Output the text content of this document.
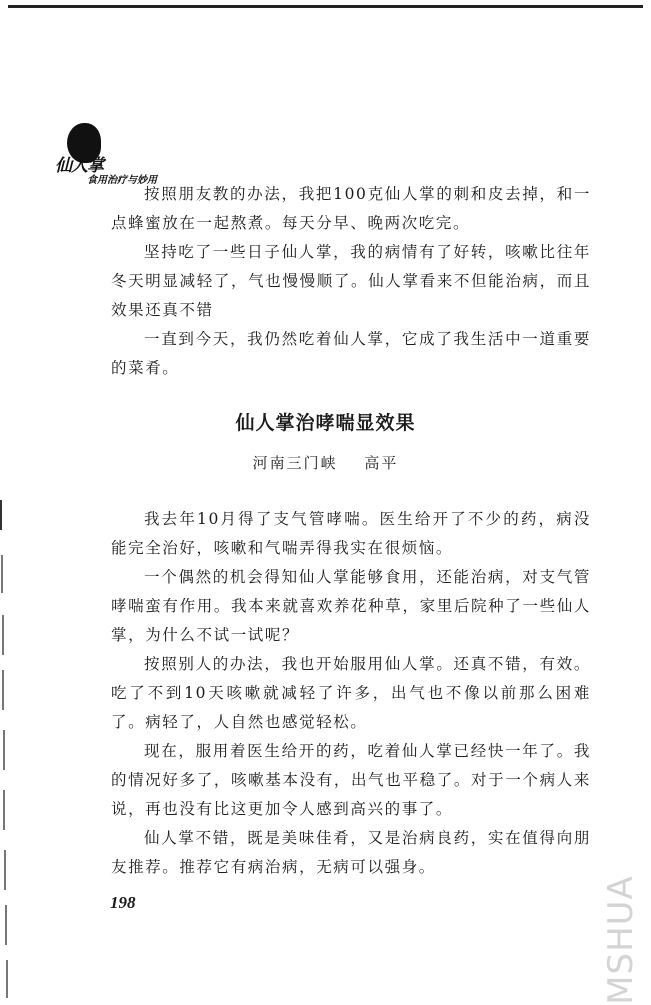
仙人掌
食用治疗与妙用

按照朋友教的办法，我把100克仙人掌的刺和皮去掉，和一点蜂蜜放在一起熬煮。每天分早、晚两次吃完。

坚持吃了一些日子仙人掌，我的病情有了好转，咳嗽比往年冬天明显减轻了，气也慢慢顺了。仙人掌看来不但能治病，而且效果还真不错

一直到今天，我仍然吃着仙人掌，它成了我生活中一道重要的菜肴。

仙人掌治哮喘显效果
河南三门峡 高平

我去年10月得了支气管哮喘。医生给开了不少的药，病没能完全治好，咳嗽和气喘弄得我实在很烦恼。

一个偶然的机会得知仙人掌能够食用，还能治病，对支气管哮喘蛮有作用。我本来就喜欢养花种草，家里后院种了一些仙人掌，为什么不试一试呢？

按照别人的办法，我也开始服用仙人掌。还真不错，有效。吃了不到10天咳嗽就减轻了许多，出气也不像以前那么困难了。病轻了，人自然也感觉轻松。

现在，服用着医生给开的药，吃着仙人掌已经快一年了。我的情况好多了，咳嗽基本没有，出气也平稳了。对于一个病人来说，再也没有比这更加令人感到高兴的事了。

仙人掌不错，既是美味佳肴，又是治病良药，实在值得向朋友推荐。推荐它有病治病，无病可以强身。

198	MSHUA
